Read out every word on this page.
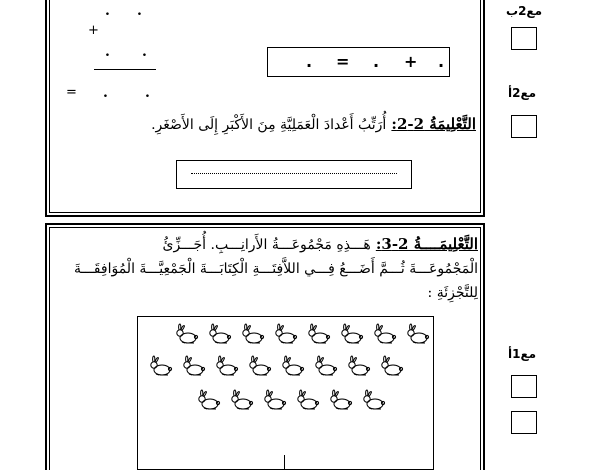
مع2ب
مع2أ
مع1أ
. .
+
. .
= .	.
. = . + .
التَّعْلِيمَةُ 2-2: أُرَتِّبُ أَعْدادَ الْعَمَلِيَّةِ مِنَ الأَكْبَرِ إِلَى الأَصْغَرِ.
التَّعْلِيمَــــةُ 2-3: هَـــذِهِ مَجْمُوعَـــةُ الأَرانِـــبِ. أُجَـــزِّئُ
الْمَجْمُوعَـــةَ ثُـــمَّ أَضَـــعُ فِـــي اللاَّفِتَـــةِ الْكِتَابَـــةَ الْجَمْعِيَّـــةَ الْمُوَافِقَـــةَ
لِلتَّجْزِئَةِ :
